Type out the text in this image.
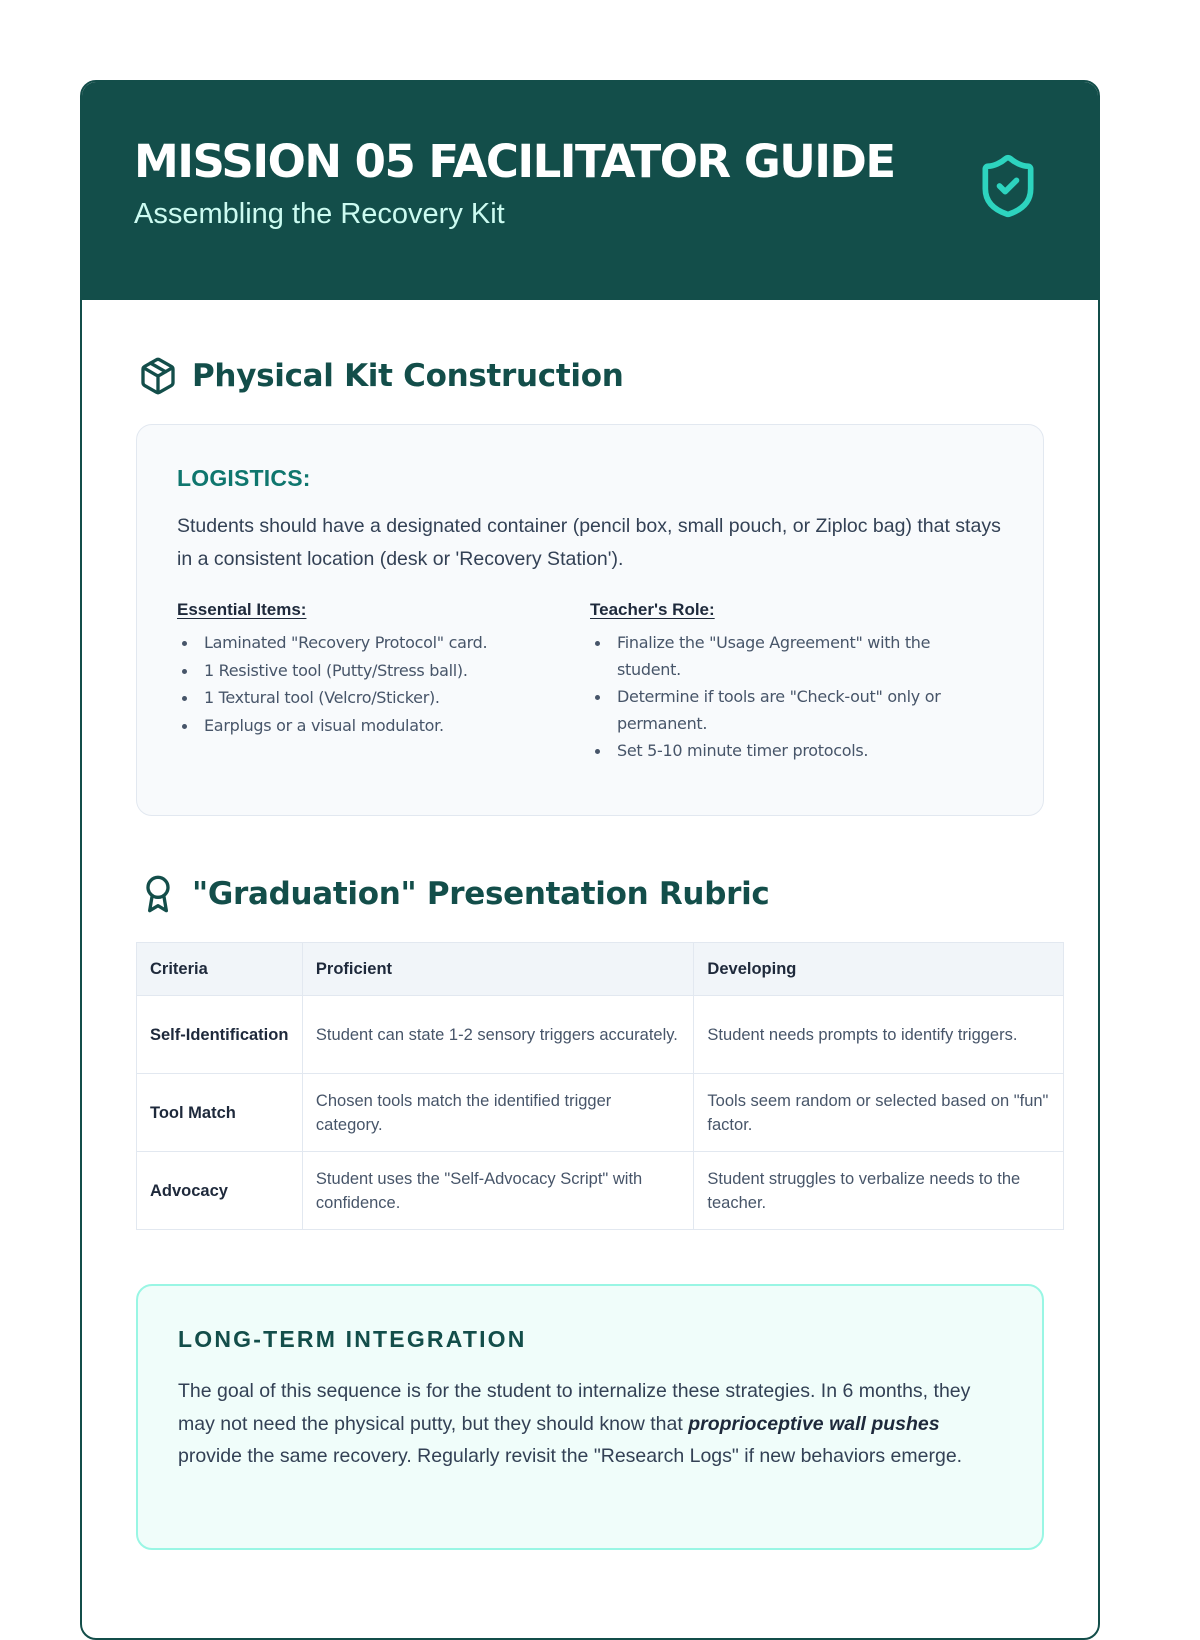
MISSION 05 FACILITATOR GUIDE
Assembling the Recovery Kit
Physical Kit Construction
LOGISTICS:
Students should have a designated container (pencil box, small pouch, or Ziploc bag) that stays in a consistent location (desk or 'Recovery Station').
Essential Items:
Laminated "Recovery Protocol" card.
1 Resistive tool (Putty/Stress ball).
1 Textural tool (Velcro/Sticker).
Earplugs or a visual modulator.
Teacher's Role:
Finalize the "Usage Agreement" with the student.
Determine if tools are "Check-out" only or permanent.
Set 5-10 minute timer protocols.
"Graduation" Presentation Rubric
Criteria	Proficient	Developing
Self-Identification	Student can state 1-2 sensory triggers accurately.	Student needs prompts to identify triggers.
Tool Match	Chosen tools match the identified trigger category.	Tools seem random or selected based on "fun" factor.
Advocacy	Student uses the "Self-Advocacy Script" with confidence.	Student struggles to verbalize needs to the teacher.
LONG-TERM INTEGRATION

The goal of this sequence is for the student to internalize these strategies. In 6 months, they may not need the physical putty, but they should know that proprioceptive wall pushes provide the same recovery. Regularly revisit the "Research Logs" if new behaviors emerge.
